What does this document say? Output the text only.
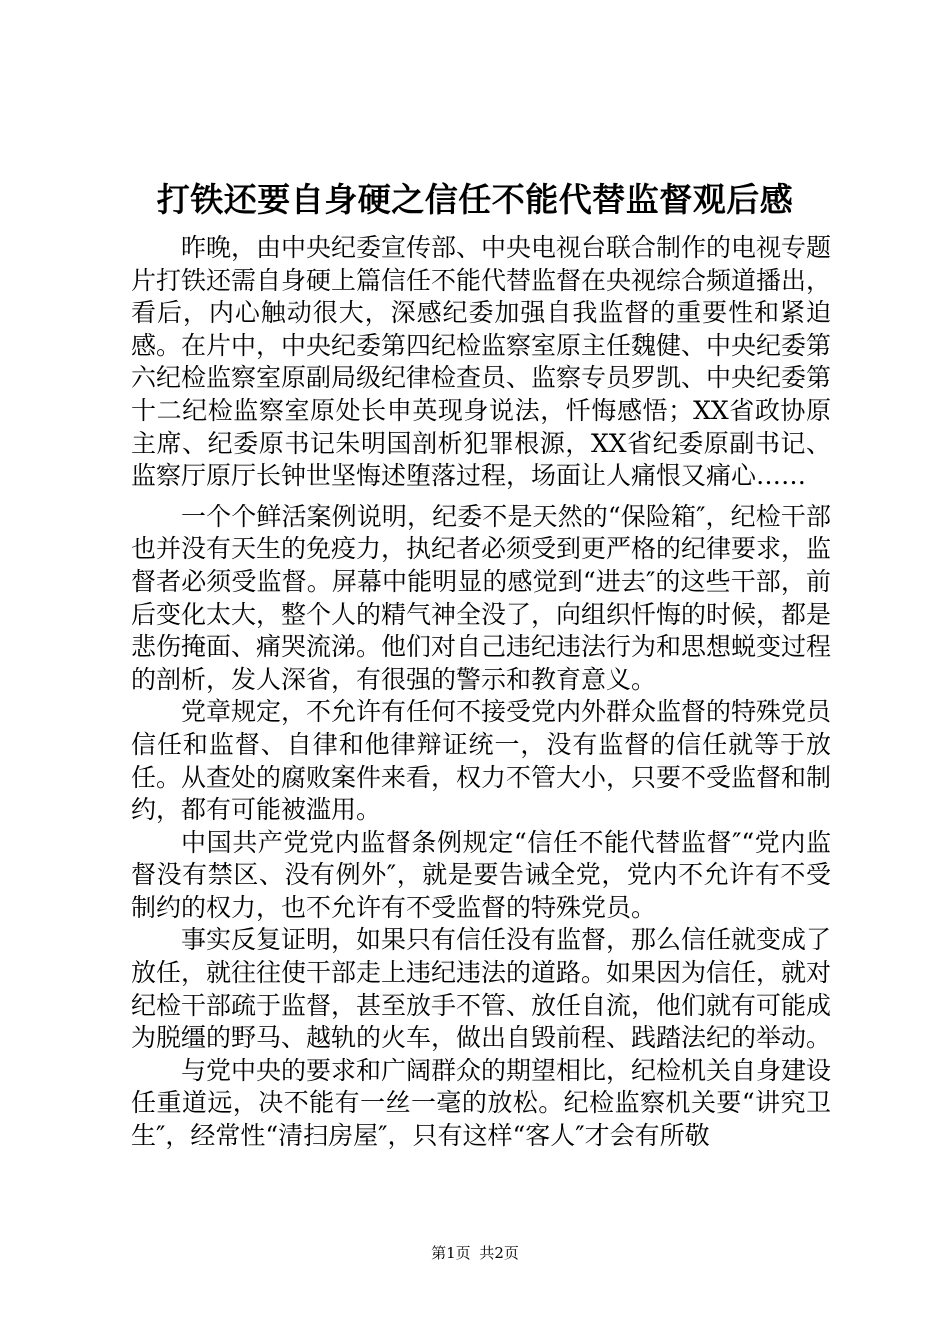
打铁还要自身硬之信任不能代替监督观后感

昨晚，由中央纪委宣传部、中央电视台联合制作的电视专题片打铁还需自身硬上篇信任不能代替监督在央视综合频道播出，看后，内心触动很大，深感纪委加强自我监督的重要性和紧迫感。在片中，中央纪委第四纪检监察室原主任魏健、中央纪委第六纪检监察室原副局级纪律检查员、监察专员罗凯、中央纪委第十二纪检监察室原处长申英现身说法，忏悔感悟；XX省政协原主席、纪委原书记朱明国剖析犯罪根源，XX省纪委原副书记、监察厅原厅长钟世坚悔述堕落过程，场面让人痛恨又痛心……

一个个鲜活案例说明，纪委不是天然的“保险箱″，纪检干部也并没有天生的免疫力，执纪者必须受到更严格的纪律要求，监督者必须受监督。屏幕中能明显的感觉到“进去″的这些干部，前后变化太大，整个人的精气神全没了，向组织忏悔的时候，都是悲伤掩面、痛哭流涕。他们对自己违纪违法行为和思想蜕变过程的剖析，发人深省，有很强的警示和教育意义。

党章规定，不允许有任何不接受党内外群众监督的特殊党员信任和监督、自律和他律辩证统一，没有监督的信任就等于放任。从查处的腐败案件来看，权力不管大小，只要不受监督和制约，都有可能被滥用。

中国共产党党内监督条例规定“信任不能代替监督″“党内监督没有禁区、没有例外″，就是要告诫全党，党内不允许有不受制约的权力，也不允许有不受监督的特殊党员。

事实反复证明，如果只有信任没有监督，那么信任就变成了放任，就往往使干部走上违纪违法的道路。如果因为信任，就对纪检干部疏于监督，甚至放手不管、放任自流，他们就有可能成为脱缰的野马、越轨的火车，做出自毁前程、践踏法纪的举动。

与党中央的要求和广阔群众的期望相比，纪检机关自身建设任重道远，决不能有一丝一毫的放松。纪检监察机关要“讲究卫生″，经常性“清扫房屋″，只有这样“客人″才会有所敬

第1页 共2页
